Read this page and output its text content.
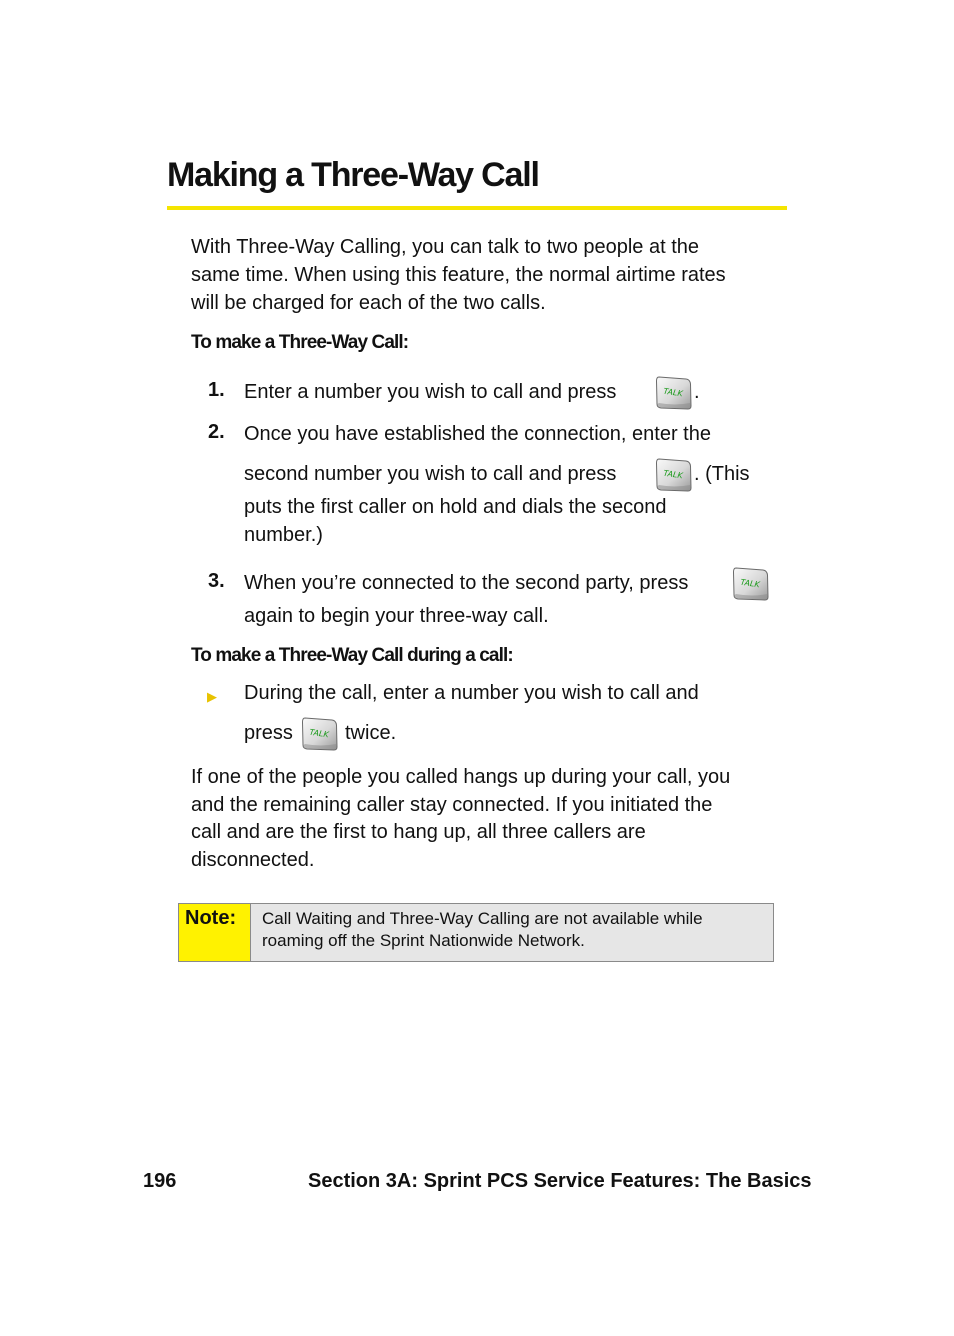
Making a Three-Way Call
With Three-Way Calling, you can talk to two people at the
same time. When using this feature, the normal airtime rates
will be charged for each of the two calls.
To make a Three-Way Call:
1. Enter a number you wish to call and press	TALK .
2. Once you have established the connection, enter the
second number you wish to call and press	TALK . (This
puts the first caller on hold and dials the second
number.)
3. When you’re connected to the second party, press	TALK
again to begin your three-way call.
To make a Three-Way Call during a call:
▶ During the call, enter a number you wish to call and
press TALK twice.
If one of the people you called hangs up during your call, you
and the remaining caller stay connected. If you initiated the
call and are the first to hang up, all three callers are
disconnected.
Note:	Call Waiting and Three-Way Calling are not available while
roaming off the Sprint Nationwide Network.
196	Section 3A: Sprint PCS Service Features: The Basics
